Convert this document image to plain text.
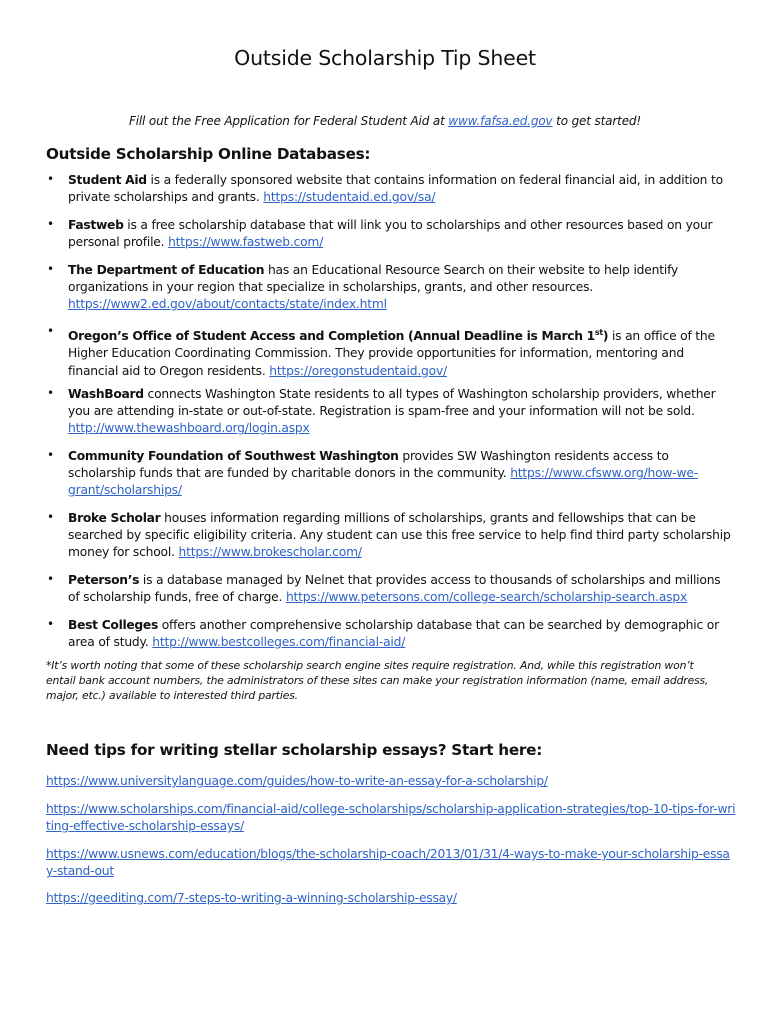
Outside Scholarship Tip Sheet
Fill out the Free Application for Federal Student Aid at www.fafsa.ed.gov to get started!
Outside Scholarship Online Databases:
• Student Aid is a federally sponsored website that contains information on federal financial aid, in addition to private scholarships and grants. https://studentaid.ed.gov/sa/
• Fastweb is a free scholarship database that will link you to scholarships and other resources based on your personal profile. https://www.fastweb.com/
• The Department of Education has an Educational Resource Search on their website to help identify organizations in your region that specialize in scholarships, grants, and other resources. https://www2.ed.gov/about/contacts/state/index.html
• Oregon’s Office of Student Access and Completion (Annual Deadline is March 1st) is an office of the Higher Education Coordinating Commission. They provide opportunities for information, mentoring and financial aid to Oregon residents. https://oregonstudentaid.gov/
• WashBoard connects Washington State residents to all types of Washington scholarship providers, whether you are attending in-state or out-of-state. Registration is spam-free and your information will not be sold. http://www.thewashboard.org/login.aspx
• Community Foundation of Southwest Washington provides SW Washington residents access to scholarship funds that are funded by charitable donors in the community. https://www.cfsww.org/how-we-grant/scholarships/
• Broke Scholar houses information regarding millions of scholarships, grants and fellowships that can be searched by specific eligibility criteria. Any student can use this free service to help find third party scholarship money for school. https://www.brokescholar.com/
• Peterson’s is a database managed by Nelnet that provides access to thousands of scholarships and millions of scholarship funds, free of charge. https://www.petersons.com/college-search/scholarship-search.aspx
• Best Colleges offers another comprehensive scholarship database that can be searched by demographic or area of study. http://www.bestcolleges.com/financial-aid/
*It’s worth noting that some of these scholarship search engine sites require registration. And, while this registration won’t entail bank account numbers, the administrators of these sites can make your registration information (name, email address, major, etc.) available to interested third parties.
Need tips for writing stellar scholarship essays? Start here:
https://www.universitylanguage.com/guides/how-to-write-an-essay-for-a-scholarship/
https://www.scholarships.com/financial-aid/college-scholarships/scholarship-application-strategies/top-10-tips-for-writing-effective-scholarship-essays/
https://www.usnews.com/education/blogs/the-scholarship-coach/2013/01/31/4-ways-to-make-your-scholarship-essay-stand-out
https://geediting.com/7-steps-to-writing-a-winning-scholarship-essay/
